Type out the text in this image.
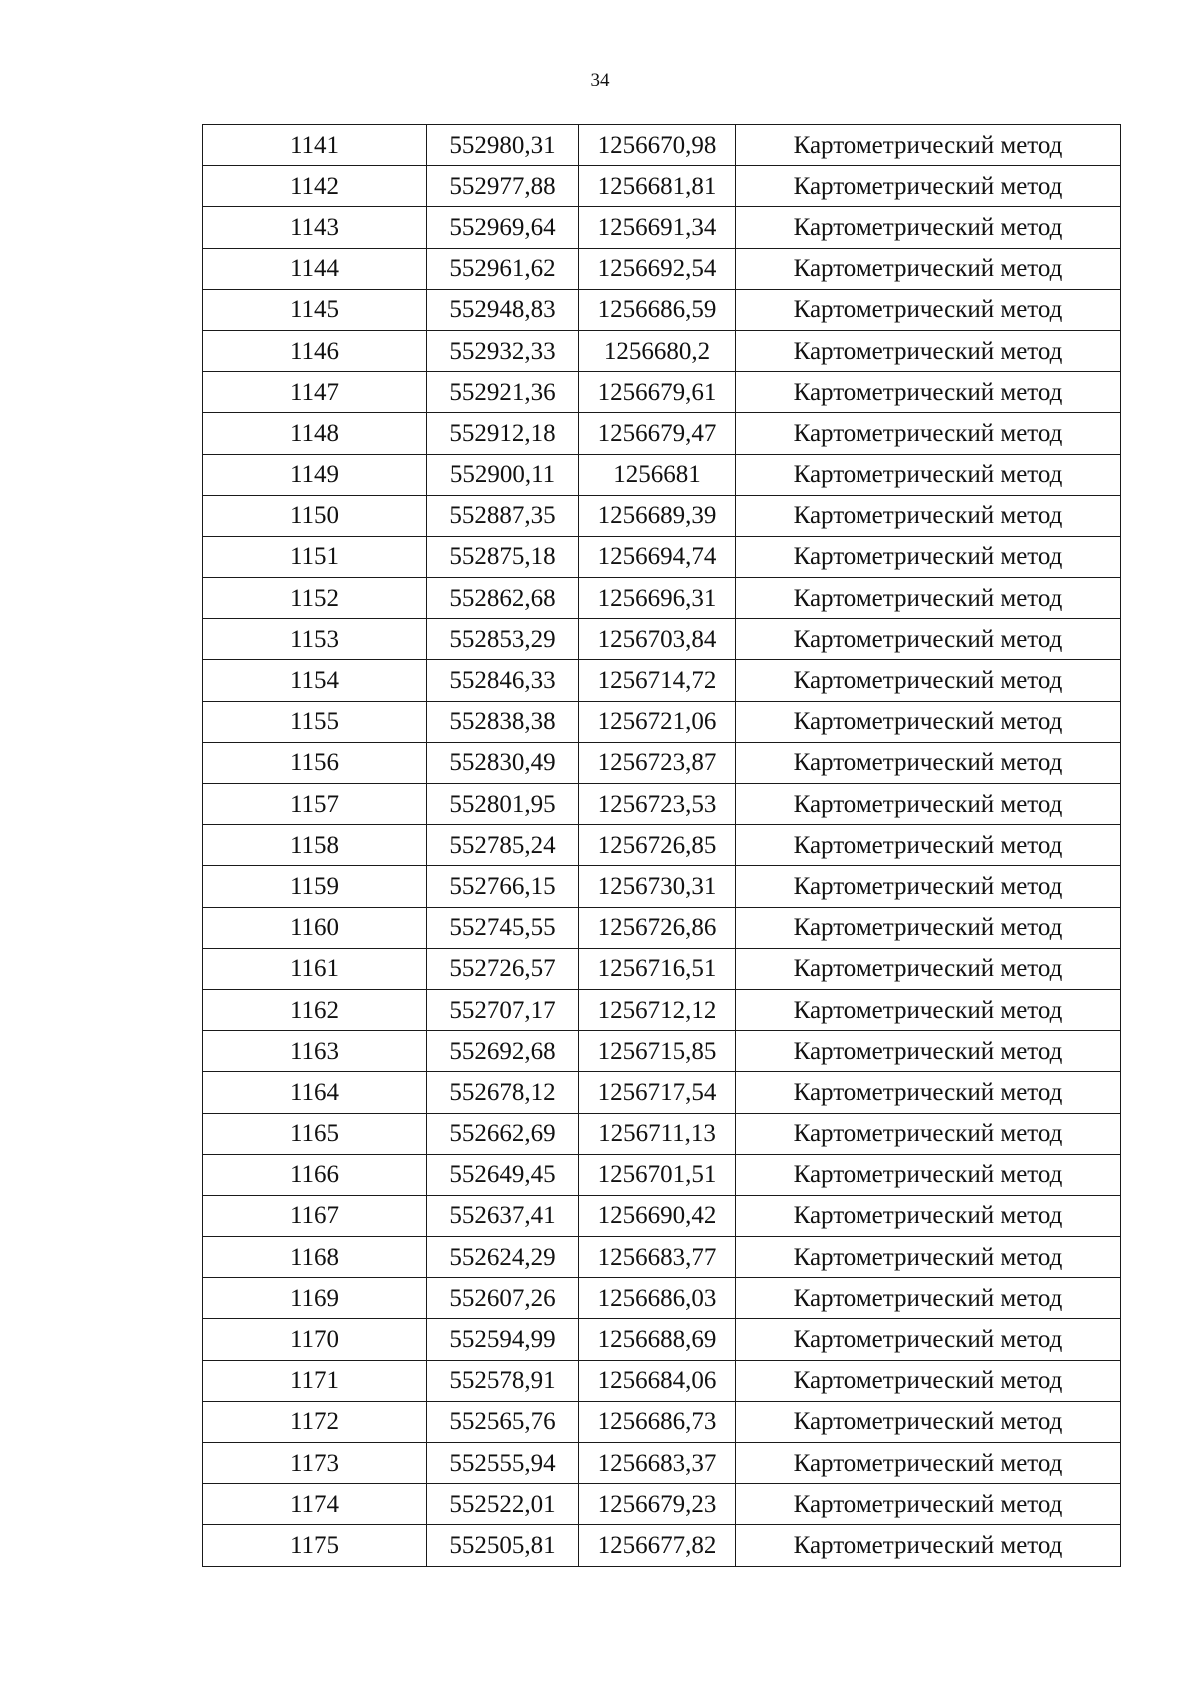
34
1141	552980,31	1256670,98	Картометрический метод
1142	552977,88	1256681,81	Картометрический метод
1143	552969,64	1256691,34	Картометрический метод
1144	552961,62	1256692,54	Картометрический метод
1145	552948,83	1256686,59	Картометрический метод
1146	552932,33	1256680,2	Картометрический метод
1147	552921,36	1256679,61	Картометрический метод
1148	552912,18	1256679,47	Картометрический метод
1149	552900,11	1256681	Картометрический метод
1150	552887,35	1256689,39	Картометрический метод
1151	552875,18	1256694,74	Картометрический метод
1152	552862,68	1256696,31	Картометрический метод
1153	552853,29	1256703,84	Картометрический метод
1154	552846,33	1256714,72	Картометрический метод
1155	552838,38	1256721,06	Картометрический метод
1156	552830,49	1256723,87	Картометрический метод
1157	552801,95	1256723,53	Картометрический метод
1158	552785,24	1256726,85	Картометрический метод
1159	552766,15	1256730,31	Картометрический метод
1160	552745,55	1256726,86	Картометрический метод
1161	552726,57	1256716,51	Картометрический метод
1162	552707,17	1256712,12	Картометрический метод
1163	552692,68	1256715,85	Картометрический метод
1164	552678,12	1256717,54	Картометрический метод
1165	552662,69	1256711,13	Картометрический метод
1166	552649,45	1256701,51	Картометрический метод
1167	552637,41	1256690,42	Картометрический метод
1168	552624,29	1256683,77	Картометрический метод
1169	552607,26	1256686,03	Картометрический метод
1170	552594,99	1256688,69	Картометрический метод
1171	552578,91	1256684,06	Картометрический метод
1172	552565,76	1256686,73	Картометрический метод
1173	552555,94	1256683,37	Картометрический метод
1174	552522,01	1256679,23	Картометрический метод
1175	552505,81	1256677,82	Картометрический метод
